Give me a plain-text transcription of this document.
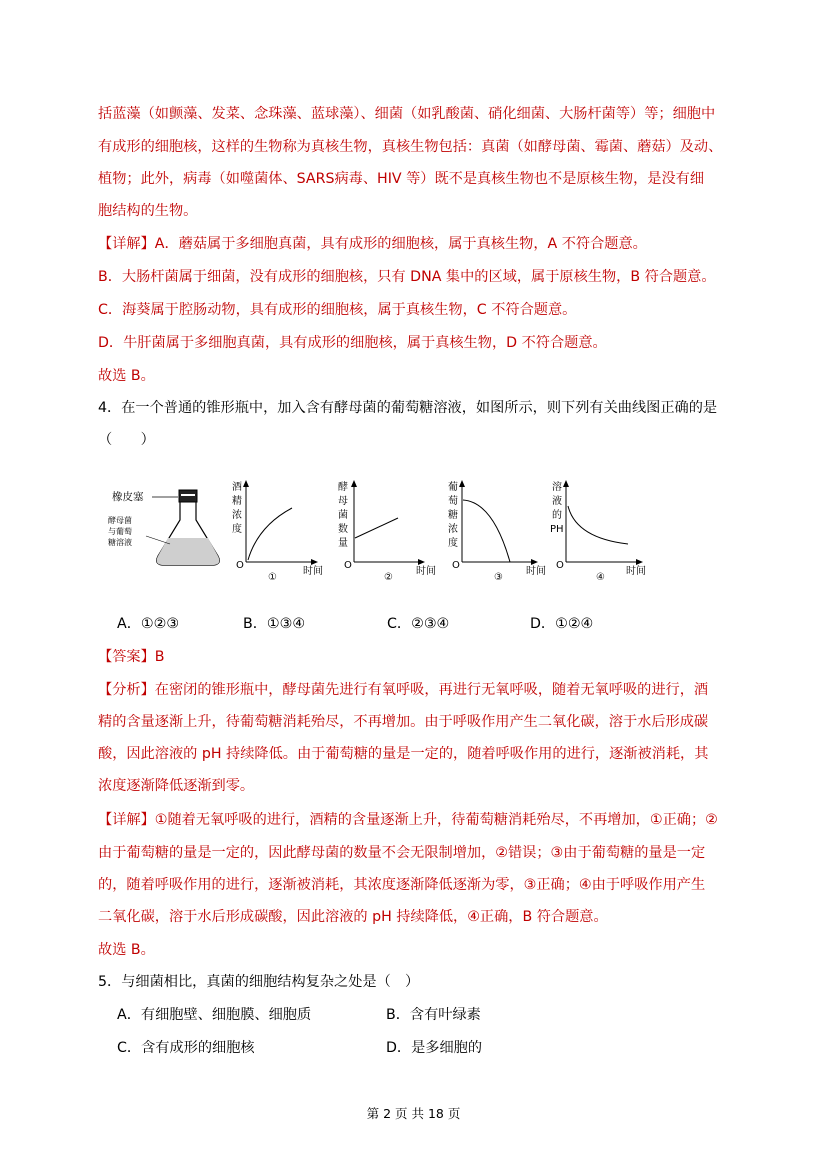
括蓝藻（如颤藻、发菜、念珠藻、蓝球藻）、细菌（如乳酸菌、硝化细菌、大肠杆菌等）等；细胞中
有成形的细胞核，这样的生物称为真核生物，真核生物包括：真菌（如酵母菌、霉菌、蘑菇）及动、
植物；此外，病毒（如噬菌体、SARS病毒、HIV 等）既不是真核生物也不是原核生物，是没有细
胞结构的生物。
【详解】A．蘑菇属于多细胞真菌，具有成形的细胞核，属于真核生物，A 不符合题意。
B．大肠杆菌属于细菌，没有成形的细胞核，只有 DNA 集中的区域，属于原核生物，B 符合题意。
C．海葵属于腔肠动物，具有成形的细胞核，属于真核生物，C 不符合题意。
D．牛肝菌属于多细胞真菌，具有成形的细胞核，属于真核生物，D 不符合题意。
故选 B。
4．在一个普通的锥形瓶中，加入含有酵母菌的葡萄糖溶液，如图所示，则下列有关曲线图正确的是
（　　）
橡皮塞
酵母菌
与葡萄
糖溶液
酒
精
浓
度
O
①
时间
酵
母
菌
数
量
O
②
时间
葡
萄
糖
浓
度
O
③
时间
溶
液
的
PH
O
④
时间
A．①②③	B．①③④	C．②③④	D．①②④
【答案】B
【分析】在密闭的锥形瓶中，酵母菌先进行有氧呼吸，再进行无氧呼吸，随着无氧呼吸的进行，酒
精的含量逐渐上升，待葡萄糖消耗殆尽，不再增加。由于呼吸作用产生二氧化碳，溶于水后形成碳
酸，因此溶液的 pH 持续降低。由于葡萄糖的量是一定的，随着呼吸作用的进行，逐渐被消耗，其
浓度逐渐降低逐渐到零。
【详解】①随着无氧呼吸的进行，酒精的含量逐渐上升，待葡萄糖消耗殆尽，不再增加，①正确；②
由于葡萄糖的量是一定的，因此酵母菌的数量不会无限制增加，②错误；③由于葡萄糖的量是一定
的，随着呼吸作用的进行，逐渐被消耗，其浓度逐渐降低逐渐为零，③正确；④由于呼吸作用产生
二氧化碳，溶于水后形成碳酸，因此溶液的 pH 持续降低，④正确，B 符合题意。
故选 B。
5．与细菌相比，真菌的细胞结构复杂之处是（　）
A．有细胞壁、细胞膜、细胞质	B．含有叶绿素
C．含有成形的细胞核	D．是多细胞的
第 2 页 共 18 页
